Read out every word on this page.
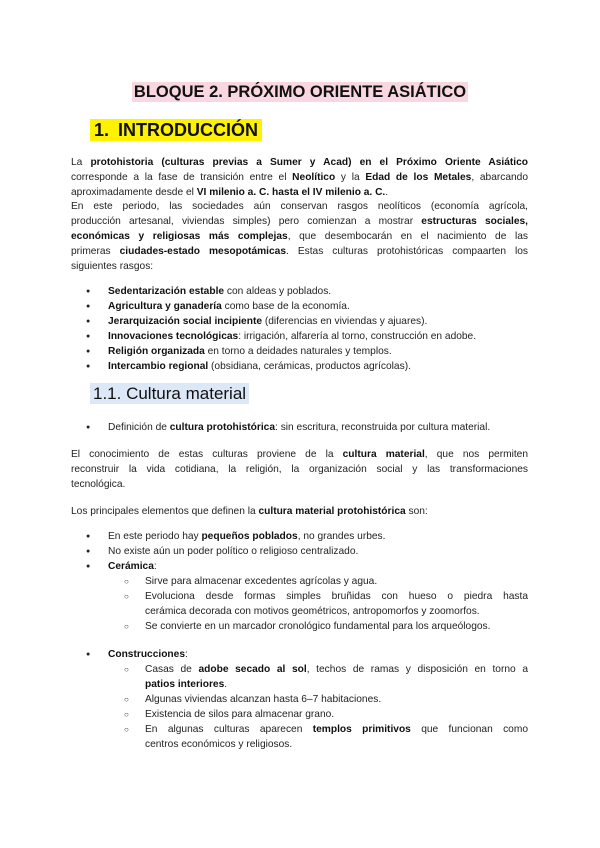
BLOQUE 2. PRÓXIMO ORIENTE ASIÁTICO
1. INTRODUCCIÓN
La protohistoria (culturas previas a Sumer y Acad) en el Próximo Oriente Asiático
corresponde a la fase de transición entre el Neolítico y la Edad de los Metales, abarcando
aproximadamente desde el VI milenio a. C. hasta el IV milenio a. C..
En este periodo, las sociedades aún conservan rasgos neolíticos (economía agrícola,
producción artesanal, viviendas simples) pero comienzan a mostrar estructuras sociales,
económicas y religiosas más complejas, que desembocarán en el nacimiento de las
primeras ciudades-estado mesopotámicas. Estas culturas protohistóricas compaarten los
siguientes rasgos:
● Sedentarización estable con aldeas y poblados.
● Agricultura y ganadería como base de la economía.
● Jerarquización social incipiente (diferencias en viviendas y ajuares).
● Innovaciones tecnológicas: irrigación, alfarería al torno, construcción en adobe.
● Religión organizada en torno a deidades naturales y templos.
● Intercambio regional (obsidiana, cerámicas, productos agrícolas).
1.1. Cultura material
● Definición de cultura protohistórica: sin escritura, reconstruida por cultura material.
El conocimiento de estas culturas proviene de la cultura material, que nos permiten
reconstruir la vida cotidiana, la religión, la organización social y las transformaciones
tecnológica.
Los principales elementos que definen la cultura material protohistórica son:
● En este periodo hay pequeños poblados, no grandes urbes.
● No existe aún un poder político o religioso centralizado.
● Cerámica:
○ Sirve para almacenar excedentes agrícolas y agua.
○ Evoluciona desde formas simples bruñidas con hueso o piedra hasta
cerámica decorada con motivos geométricos, antropomorfos y zoomorfos.
○ Se convierte en un marcador cronológico fundamental para los arqueólogos.
● Construcciones:
○ Casas de adobe secado al sol, techos de ramas y disposición en torno a
patios interiores.
○ Algunas viviendas alcanzan hasta 6–7 habitaciones.
○ Existencia de silos para almacenar grano.
○ En algunas culturas aparecen templos primitivos que funcionan como
centros económicos y religiosos.
